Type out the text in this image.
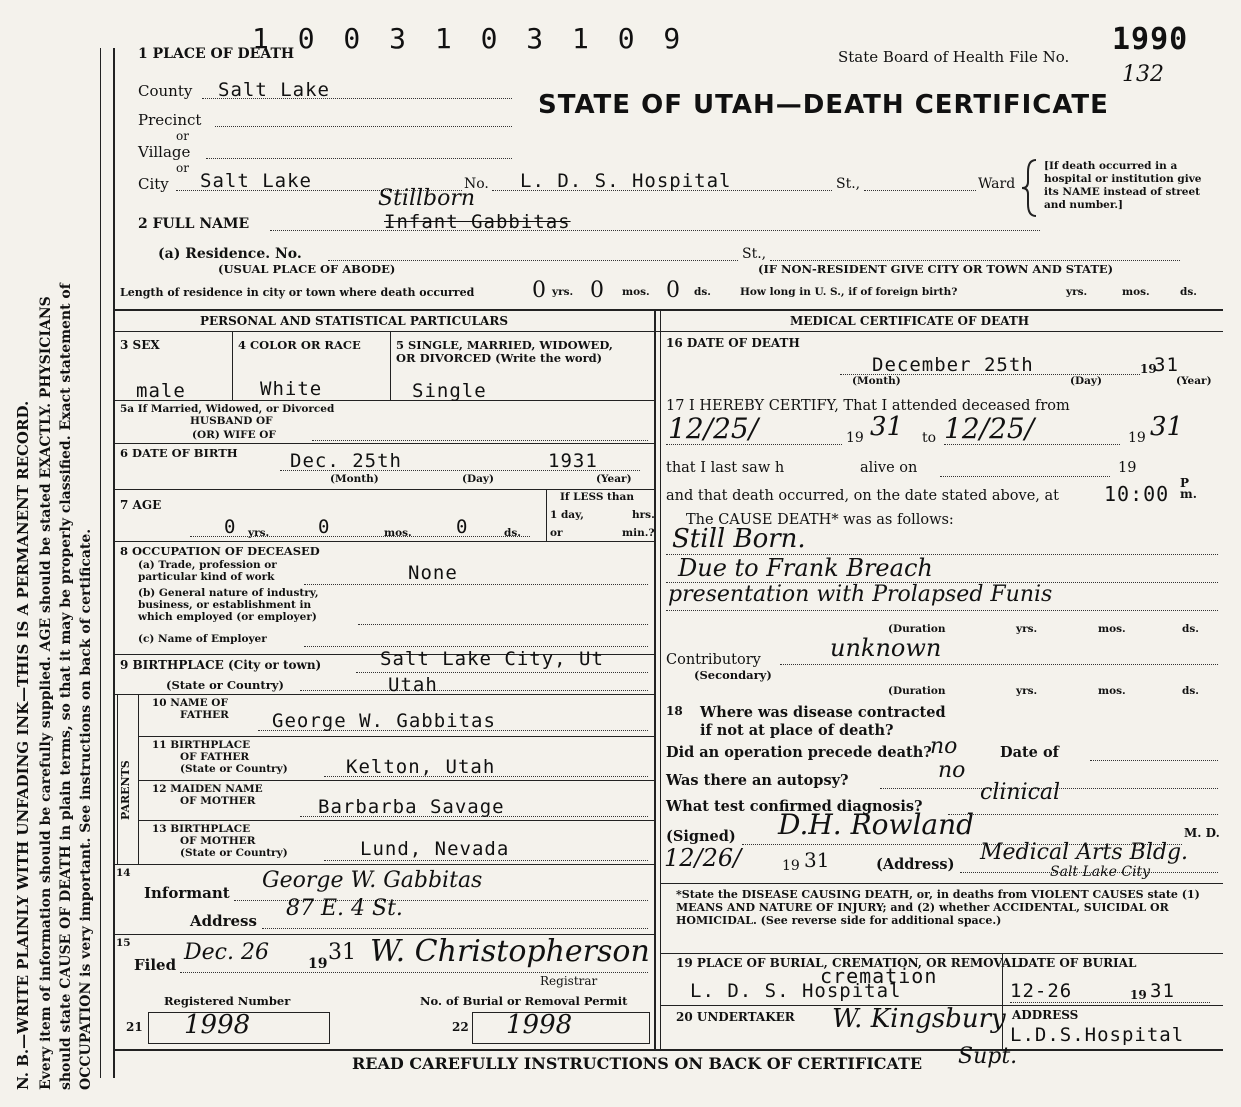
N. B.—WRITE PLAINLY WITH UNFADING INK—THIS IS A PERMANENT RECORD. Every item of information should be carefully supplied. AGE should be stated EXACTLY. PHYSICIANS should state CAUSE OF DEATH in plain terms, so that it may be properly classified. Exact statement of OCCUPATION is very important. See instructions on back of certificate.
1 0 0 3 1 0 3 1 0 9
1 PLACE OF DEATH	State Board of Health File No. 1990
132
STATE OF UTAH—DEATH CERTIFICATE
County Salt Lake
Precinct
or
Village
or
City Salt Lake	No. L. D. S. Hospital	St.,	Ward
[If death occurred in a hospital or institution give its NAME instead of street and number.]
2 FULL NAME
Stillborn
Infant Gabbitas
(a) Residence. No.	St.,
(USUAL PLACE OF ABODE)	(IF NON-RESIDENT GIVE CITY OR TOWN AND STATE)
Length of residence in city or town where death occurred	0 yrs. 0 mos. 0 ds.	How long in U. S., if of foreign birth?	yrs.	mos.	ds.
PERSONAL AND STATISTICAL PARTICULARS
3 SEX
male
4 COLOR OR RACE
White
5 SINGLE, MARRIED, WIDOWED,
OR DIVORCED (Write the word)
Single
5a If Married, Widowed, or Divorced
HUSBAND OF
(OR) WIFE OF
6 DATE OF BIRTH	Dec. 25th	1931
(Month)	(Day)	(Year)
7 AGE
0 yrs.	0	mos. 0	ds.
If LESS than
1 day,	hrs.
or	min.?
8 OCCUPATION OF DECEASED
(a) Trade, profession or
particular kind of work
(b) General nature of industry,
business, or establishment in
which employed (or employer)
(c) Name of Employer
None
9 BIRTHPLACE (City or town)	Salt Lake City, Ut
(State or Country)	Utah
PARENTS
10 NAME OF
FATHER George W. Gabbitas
11 BIRTHPLACE
OF FATHER
(State or Country)	Kelton, Utah
12 MAIDEN NAME
OF MOTHER	Barbarba Savage
13 BIRTHPLACE
OF MOTHER
(State or Country)	Lund, Nevada
14
Informant George W. Gabbitas
Address 87 E. 4 St.
15
Filed Dec. 26	19 31 W. Christopherson
Registrar
Registered Number	No. of Burial or Removal Permit
21 1998	22 1998
MEDICAL CERTIFICATE OF DEATH
16 DATE OF DEATH
December 25th	19
31
(Month)	(Day)	(Year)
17 I HEREBY CERTIFY, That I attended deceased from
12/25/	19 31 to 12/25/	19 31
that I last saw h	alive on	19
and that death occurred, on the date stated above, at 10:00 P m.
The CAUSE DEATH* was as follows:
Still Born.
Due to Frank Breach
presentation with Prolapsed Funis
(Duration	yrs.	mos.	ds.
Contributory
(Secondary)
unknown
(Duration	yrs.	mos.	ds.
18 Where was disease contracted
if not at place of death?
Did an operation precede death?
no	Date of
Was there an autopsy?	no
What test confirmed diagnosis?
clinical
(Signed) D.H. Rowland	M. D.
12/26/	19 31	(Address) Medical Arts Bldg.
Salt Lake City
*State the DISEASE CAUSING DEATH, or, in deaths from VIOLENT CAUSES state (1) MEANS AND NATURE OF INJURY; and (2) whether ACCIDENTAL, SUICIDAL OR HOMICIDAL. (See reverse side for additional space.)
19 PLACE OF BURIAL, CREMATION, OR REMOVAL
cremation
L. D. S. Hospital
DATE OF BURIAL
12-26	19 31
20 UNDERTAKER W. Kingsbury
Supt.
ADDRESS
L.D.S.Hospital
READ CAREFULLY INSTRUCTIONS ON BACK OF CERTIFICATE
